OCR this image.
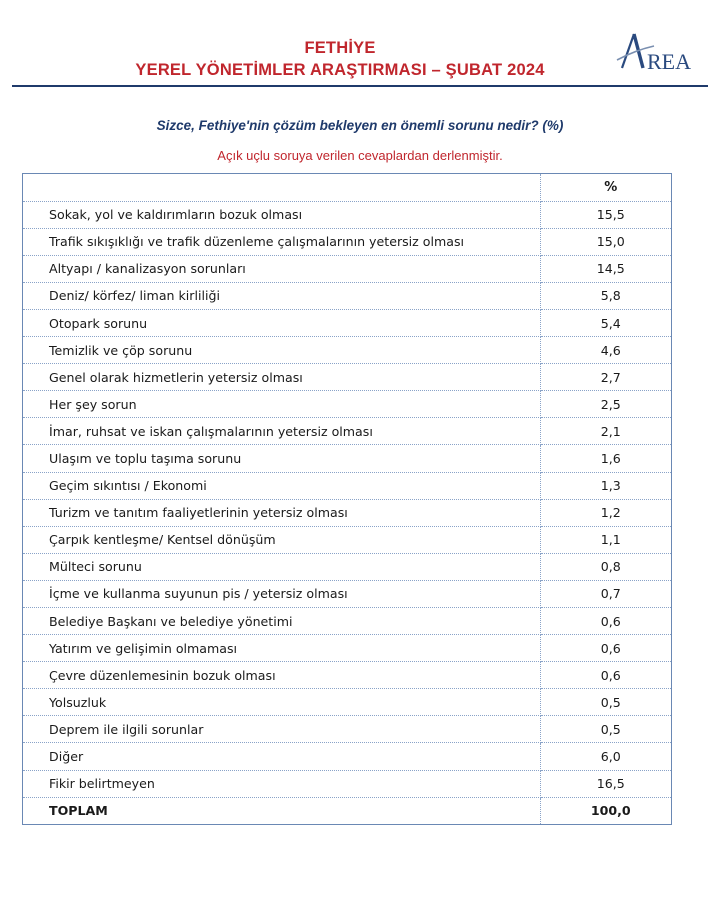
FETHİYE
YEREL YÖNETİMLER ARAŞTIRMASI – ŞUBAT 2024	REA
Sizce, Fethiye'nin çözüm bekleyen en önemli sorunu nedir? (%)
Açık uçlu soruya verilen cevaplardan derlenmiştir.
	%
Sokak, yol ve kaldırımların bozuk olması	15,5
Trafik sıkışıklığı ve trafik düzenleme çalışmalarının yetersiz olması	15,0
Altyapı / kanalizasyon sorunları	14,5
Deniz/ körfez/ liman kirliliği	5,8
Otopark sorunu	5,4
Temizlik ve çöp sorunu	4,6
Genel olarak hizmetlerin yetersiz olması	2,7
Her şey sorun	2,5
İmar, ruhsat ve iskan çalışmalarının yetersiz olması	2,1
Ulaşım ve toplu taşıma sorunu	1,6
Geçim sıkıntısı / Ekonomi	1,3
Turizm ve tanıtım faaliyetlerinin yetersiz olması	1,2
Çarpık kentleşme/ Kentsel dönüşüm	1,1
Mülteci sorunu	0,8
İçme ve kullanma suyunun pis / yetersiz olması	0,7
Belediye Başkanı ve belediye yönetimi	0,6
Yatırım ve gelişimin olmaması	0,6
Çevre düzenlemesinin bozuk olması	0,6
Yolsuzluk	0,5
Deprem ile ilgili sorunlar	0,5
Diğer	6,0
Fikir belirtmeyen	16,5
TOPLAM	100,0
